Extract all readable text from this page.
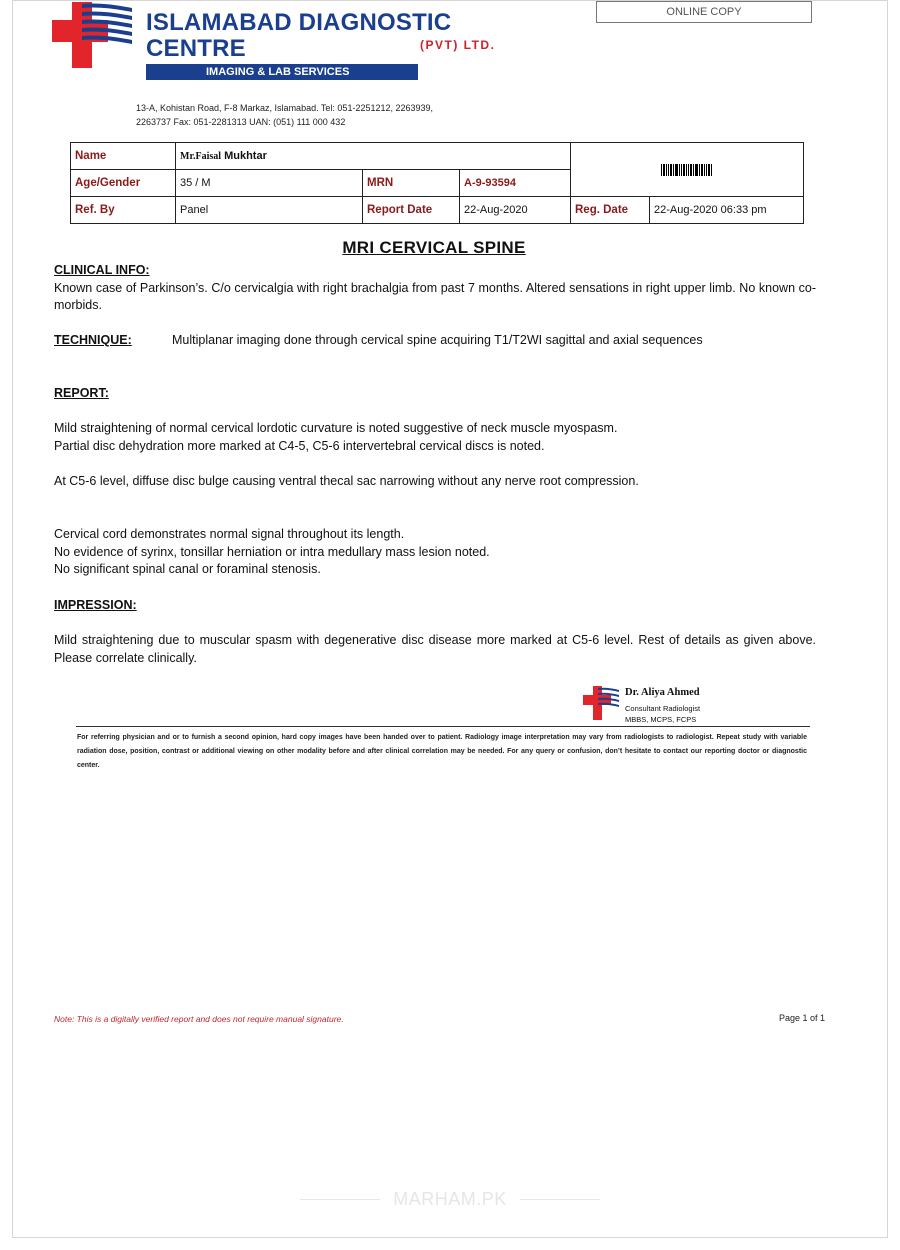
ISLAMABAD DIAGNOSTIC CENTRE
IMAGING & LAB SERVICES
(PVT) LTD.
ONLINE COPY
13-A, Kohistan Road, F-8 Markaz, Islamabad. Tel: 051-2251212, 2263939,
2263737 Fax: 051-2281313 UAN: (051) 111 000 432
Name	Mr.Faisal Mukhtar	

Age/Gender	35 / M	MRN	A-9-93594		
Ref. By	Panel	Report Date	22-Aug-2020	Reg. Date	22-Aug-2020 06:33 pm
MRI CERVICAL SPINE
CLINICAL INFO:
Known case of Parkinson’s. C/o cervicalgia with right brachalgia from past 7 months. Altered sensations in right upper limb. No known co-morbids.
TECHNIQUE:	Multiplanar imaging done through cervical spine acquiring T1/T2WI sagittal and axial sequences
REPORT:
Mild straightening of normal cervical lordotic curvature is noted suggestive of neck muscle myospasm.
Partial disc dehydration more marked at C4-5, C5-6 intervertebral cervical discs is noted.
At C5-6 level, diffuse disc bulge causing ventral thecal sac narrowing without any nerve root compression.
Cervical cord demonstrates normal signal throughout its length.
No evidence of syrinx, tonsillar herniation or intra medullary mass lesion noted.
No significant spinal canal or foraminal stenosis.
IMPRESSION:
Mild straightening due to muscular spasm with degenerative disc disease more marked at C5-6 level. Rest of details as given above. Please correlate clinically.
Dr. Aliya Ahmed
Consultant Radiologist
MBBS, MCPS, FCPS
For referring physician and or to furnish a second opinion, hard copy images have been handed over to patient. Radiology image interpretation may vary from radiologists to radiologist. Repeat study with variable radiation dose, position, contrast or additional viewing on other modality before and after clinical correlation may be needed. For any query or confusion, don’t hesitate to contact our reporting doctor or diagnostic center.
Note: This is a digitally verified report and does not require manual signature.	Page 1 of 1
MARHAM.PK
